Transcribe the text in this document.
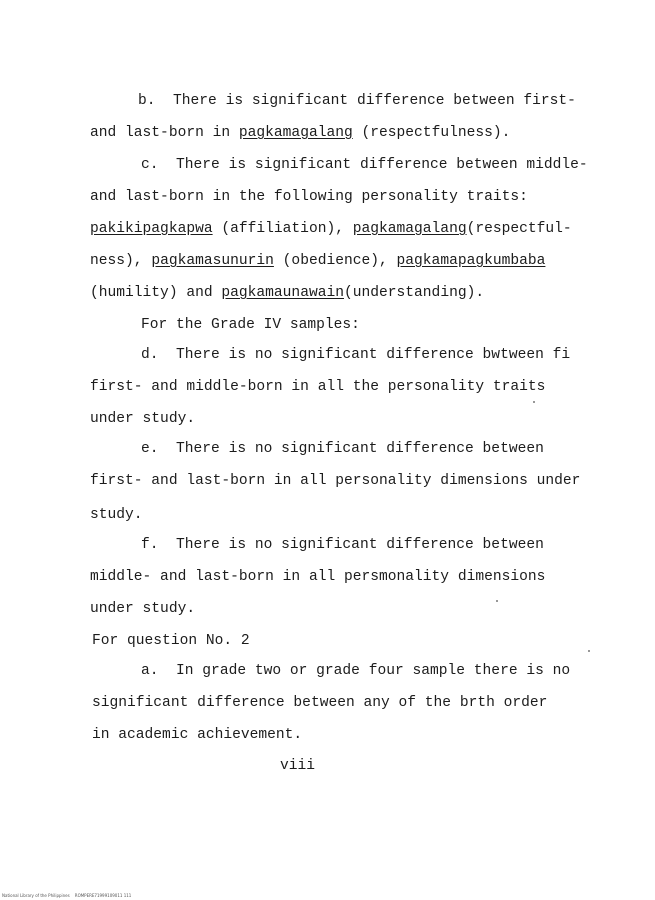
b. There is significant difference between first-
and last-born in pagkamagalang (respectfulness).
c. There is significant difference between middle-
and last-born in the following personality traits:
pakikipagkapwa (affiliation), pagkamagalang(respectful-
ness), pagkamasunurin (obedience), pagkamapagkumbaba
(humility) and pagkamaunawain(understanding).
For the Grade IV samples:
d. There is no significant difference bwtween fi
first- and middle-born in all the personality traits
under study.
e. There is no significant difference between
first- and last-born in all personality dimensions under
study.
f. There is no significant difference between
middle- and last-born in all persmonality dimensions
under study.
For question No. 2
a. In grade two or grade four sample there is no
significant difference between any of the brth order
in academic achievement.
viii
National Library of the Philippines    ROMPERE71999109011 111
